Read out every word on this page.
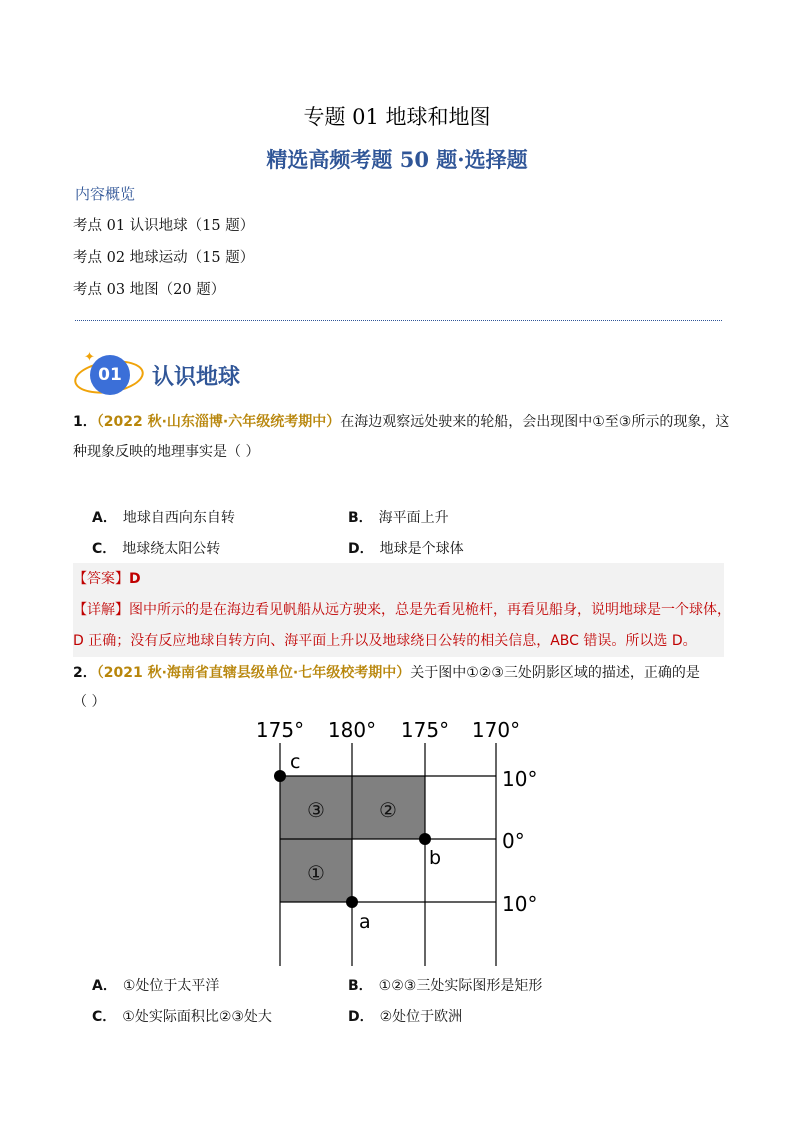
专题 01 地球和地图
精选高频考题 50 题·选择题
内容概览
考点 01 认识地球（15 题）
考点 02 地球运动（15 题）
考点 03 地图（20 题）
01
✦
认识地球
1．（2022 秋·山东淄博·六年级统考期中）在海边观察远处驶来的轮船，会出现图中①至③所示的现象，这
种现象反映的地理事实是（ ）
A． 地球自西向东自转	B． 海平面上升
C． 地球绕太阳公转	D． 地球是个球体
【答案】D
【详解】图中所示的是在海边看见帆船从远方驶来，总是先看见桅杆，再看见船身，说明地球是一个球体，
D 正确；没有反应地球自转方向、海平面上升以及地球绕日公转的相关信息，ABC 错误。所以选 D。
2．（2021 秋·海南省直辖县级单位·七年级校考期中）关于图中①②③三处阴影区域的描述，正确的是
（ ）
175° 180° 175° 170°
10°
0°
10°
③	②
①
c
b
a
A． ①处位于太平洋	B． ①②③三处实际图形是矩形
C． ①处实际面积比②③处大	D． ②处位于欧洲
